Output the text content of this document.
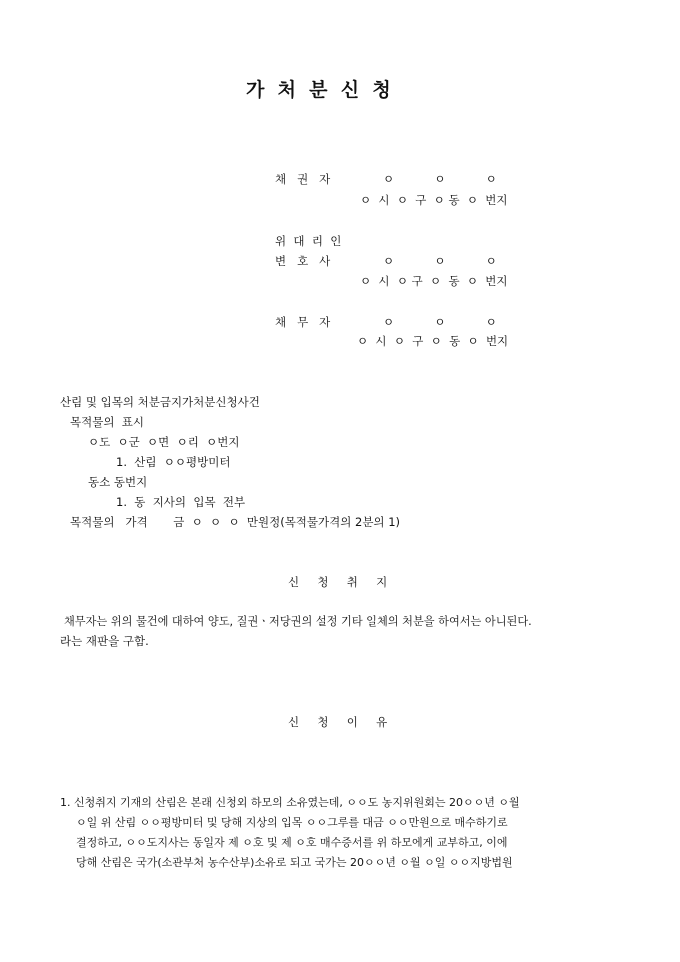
가  처  분  신  청
채   권   자	ㅇ           ㅇ           ㅇ
ㅇ  시  ㅇ  구  ㅇ 동  ㅇ  번지
위  대  리  인
변   호   사	ㅇ           ㅇ           ㅇ
ㅇ  시  ㅇ 구  ㅇ  동  ㅇ  번지
채   무   자	ㅇ           ㅇ           ㅇ
ㅇ  시  ㅇ  구  ㅇ  동  ㅇ  번지
산림 및 입목의 처분금지가처분신청사건
목적물의  표시
ㅇ도  ㅇ군  ㅇ면  ㅇ리  ㅇ번지
1.  산림  ㅇㅇ평방미터
동소 동번지
1.  동  지사의  입목  전부
목적물의   가격       금  ㅇ  ㅇ  ㅇ  만원정(목적물가격의 2분의 1)
신     청     취     지
채무자는 위의 물건에 대하여 양도, 질권ㆍ저당권의 설정 기타 일체의 처분을 하여서는 아니된다.
라는 재판을 구함.
신     청     이     유
1. 신청취지 기재의 산림은 본래 신청외 하모의 소유였는데, ㅇㅇ도 농지위원회는 20ㅇㅇ년 ㅇ월
ㅇ일 위 산림 ㅇㅇ평방미터 및 당해 지상의 입목 ㅇㅇ그루를 대금 ㅇㅇ만원으로 매수하기로
결정하고, ㅇㅇ도지사는 동일자 제 ㅇ호 및 제 ㅇ호 매수증서를 위 하모에게 교부하고, 이에
당해 산림은 국가(소관부처 농수산부)소유로 되고 국가는 20ㅇㅇ년 ㅇ월 ㅇ일 ㅇㅇ지방법원
